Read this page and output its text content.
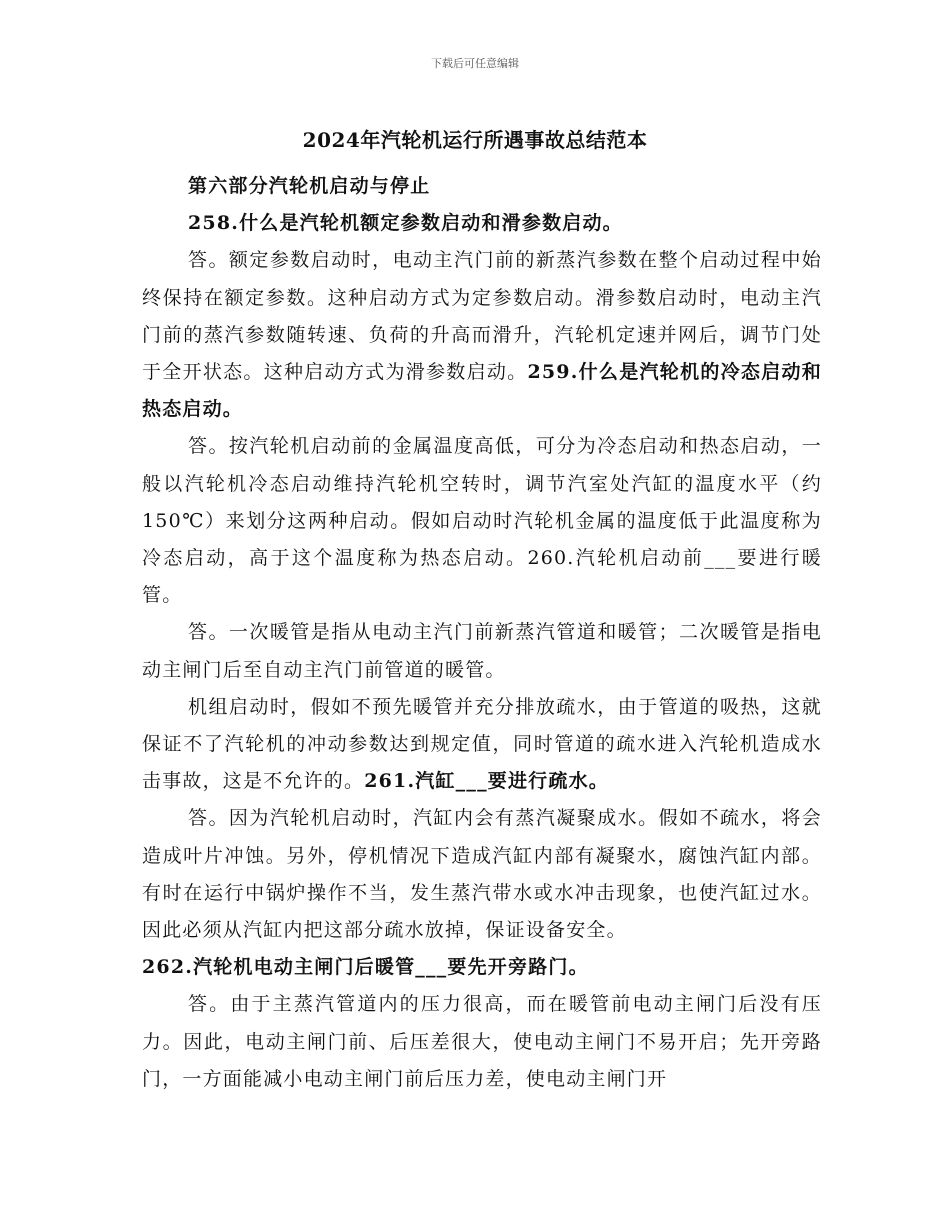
下载后可任意编辑
2024年汽轮机运行所遇事故总结范本

第六部分汽轮机启动与停止

258.什么是汽轮机额定参数启动和滑参数启动。

答。额定参数启动时，电动主汽门前的新蒸汽参数在整个启动过程中始终保持在额定参数。这种启动方式为定参数启动。滑参数启动时，电动主汽门前的蒸汽参数随转速、负荷的升高而滑升，汽轮机定速并网后，调节门处于全开状态。这种启动方式为滑参数启动。259.什么是汽轮机的冷态启动和热态启动。

答。按汽轮机启动前的金属温度高低，可分为冷态启动和热态启动，一般以汽轮机冷态启动维持汽轮机空转时，调节汽室处汽缸的温度水平（约150℃）来划分这两种启动。假如启动时汽轮机金属的温度低于此温度称为冷态启动，高于这个温度称为热态启动。260.汽轮机启动前___要进行暖管。

答。一次暖管是指从电动主汽门前新蒸汽管道和暖管；二次暖管是指电动主闸门后至自动主汽门前管道的暖管。

机组启动时，假如不预先暖管并充分排放疏水，由于管道的吸热，这就保证不了汽轮机的冲动参数达到规定值，同时管道的疏水进入汽轮机造成水击事故，这是不允许的。261.汽缸___要进行疏水。

答。因为汽轮机启动时，汽缸内会有蒸汽凝聚成水。假如不疏水，将会造成叶片冲蚀。另外，停机情况下造成汽缸内部有凝聚水，腐蚀汽缸内部。有时在运行中锅炉操作不当，发生蒸汽带水或水冲击现象，也使汽缸过水。因此必须从汽缸内把这部分疏水放掉，保证设备安全。

262.汽轮机电动主闸门后暖管___要先开旁路门。

答。由于主蒸汽管道内的压力很高，而在暖管前电动主闸门后没有压力。因此，电动主闸门前、后压差很大，使电动主闸门不易开启；先开旁路门，一方面能减小电动主闸门前后压力差，使电动主闸门开
